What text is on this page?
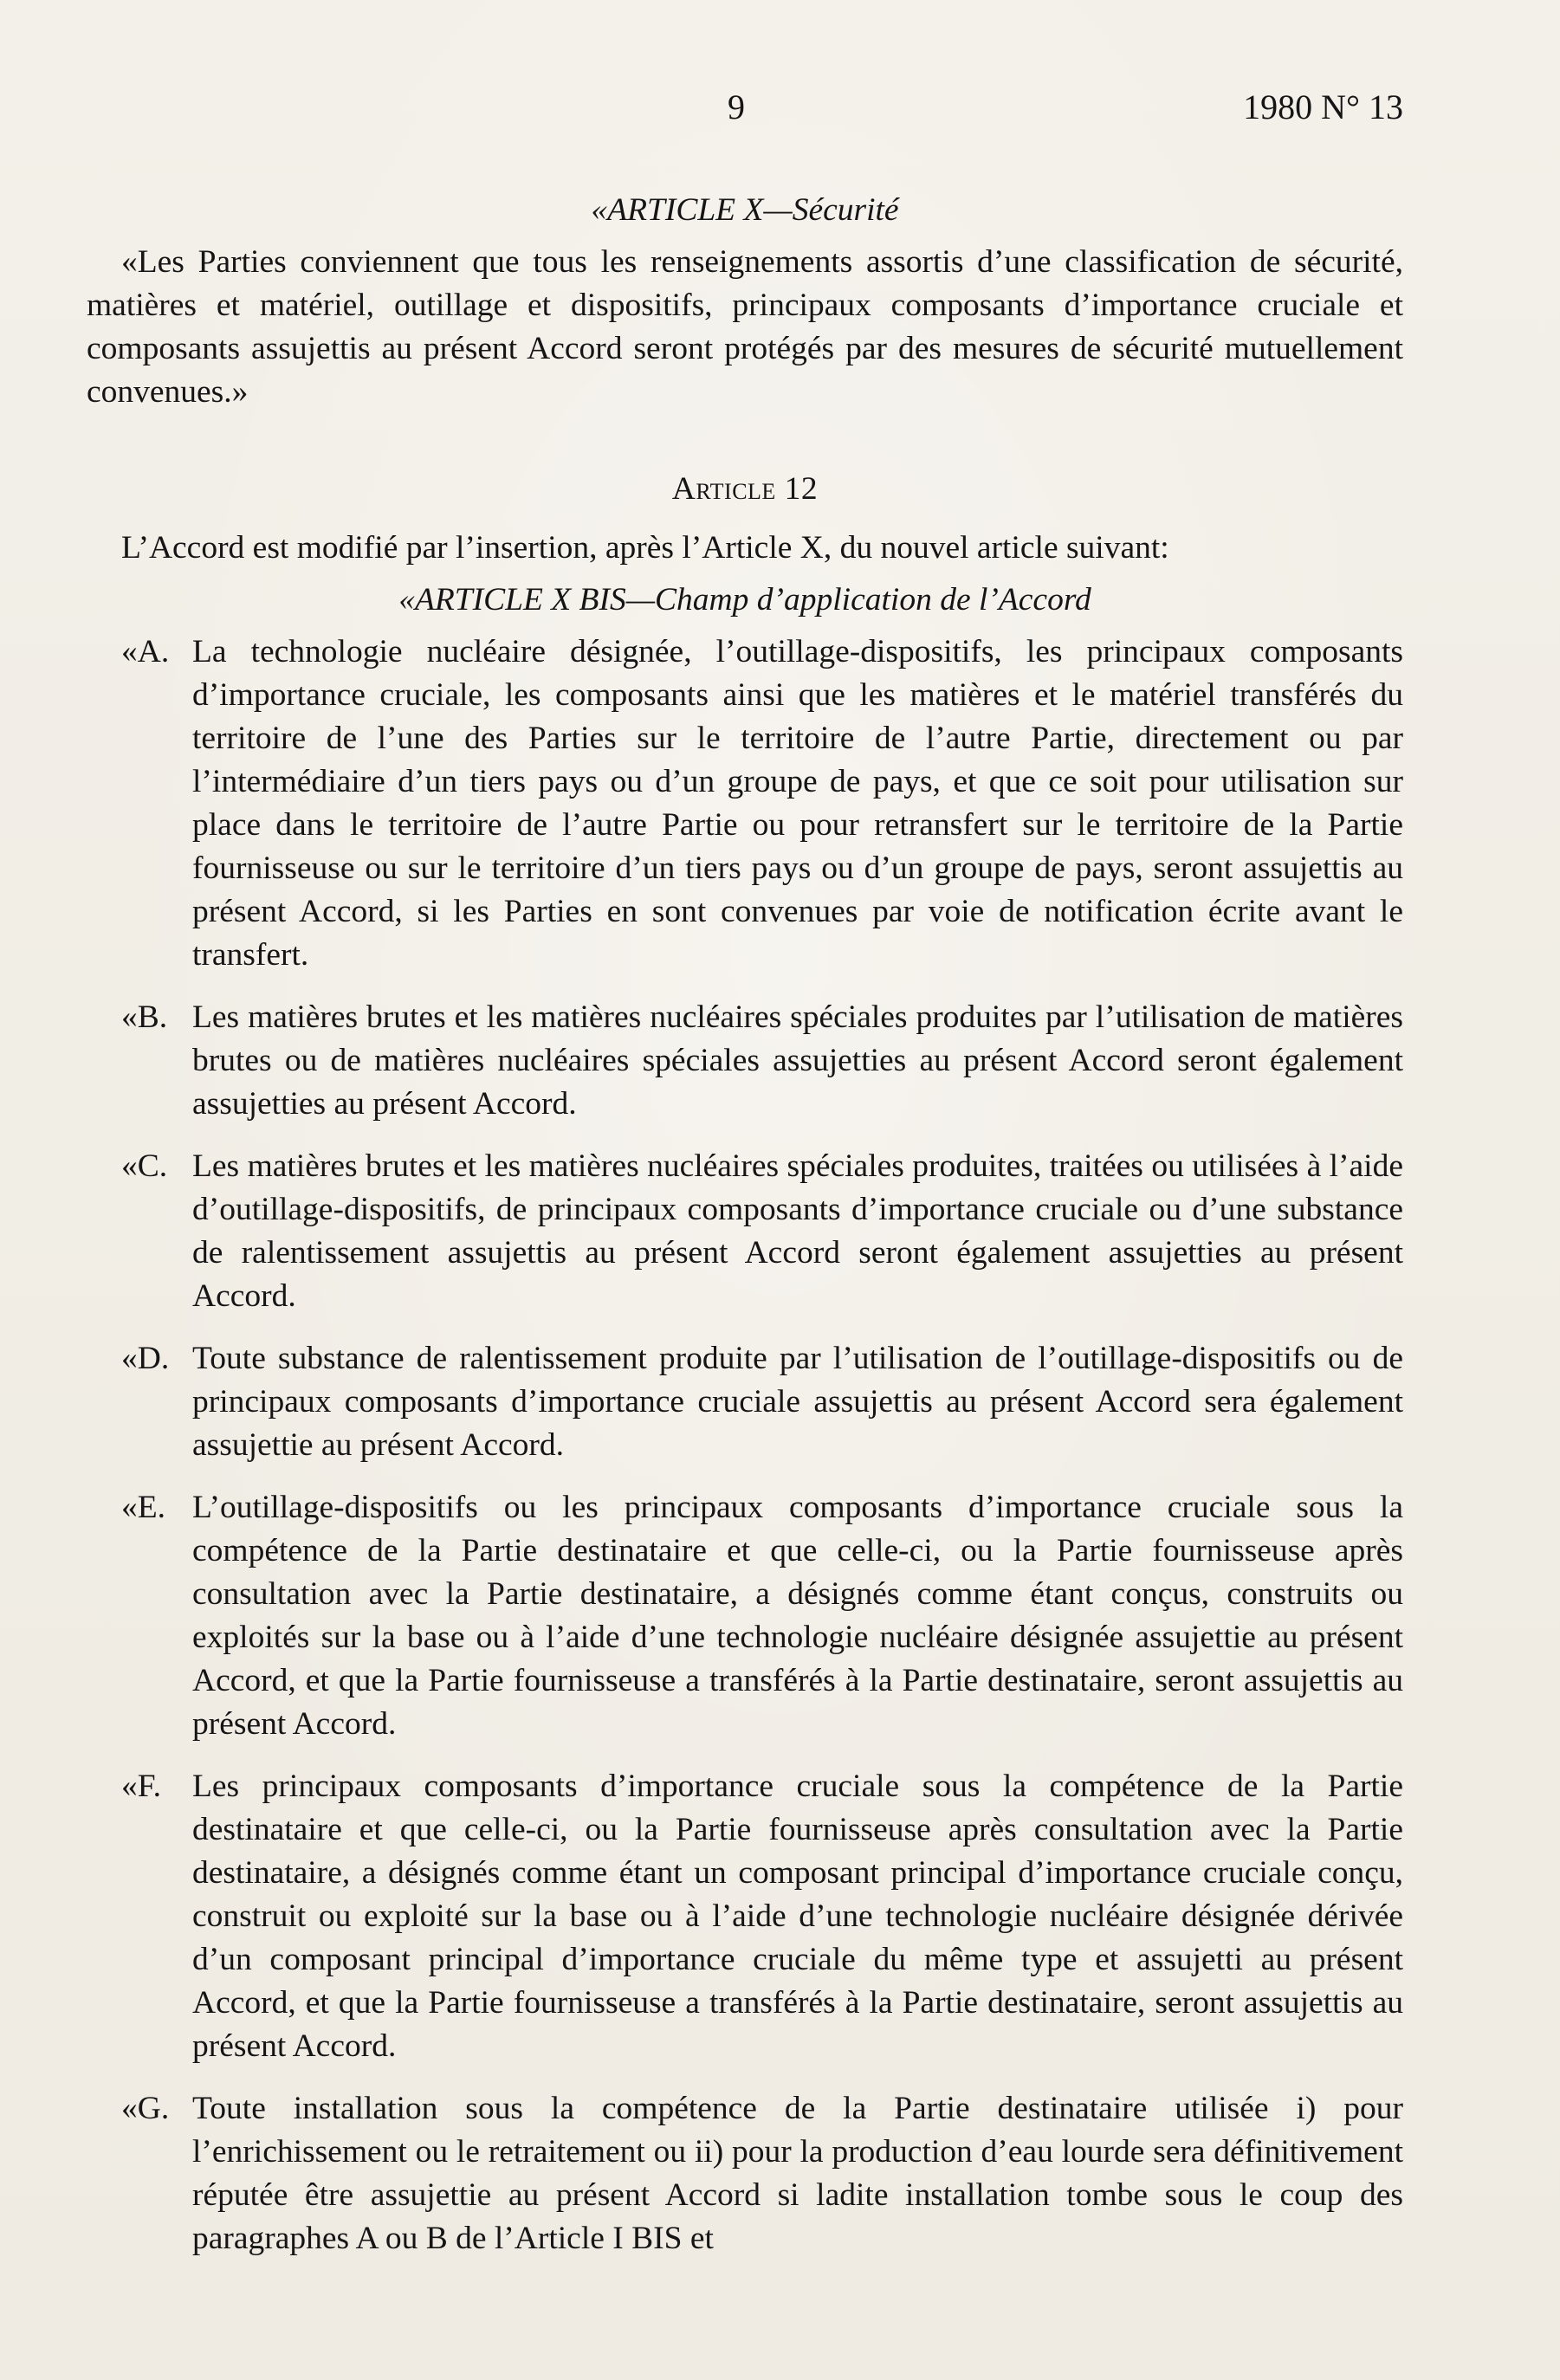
9	1980 N° 13

«ARTICLE X—Sécurité

«Les Parties conviennent que tous les renseignements assortis d’une classification de sécurité, matières et matériel, outillage et dispositifs, principaux composants d’importance cruciale et composants assujettis au présent Accord seront protégés par des mesures de sécurité mutuellement convenues.»

Article 12

L’Accord est modifié par l’insertion, après l’Article X, du nouvel article suivant:

«ARTICLE X BIS—Champ d’application de l’Accord

«A. La technologie nucléaire désignée, l’outillage-dispositifs, les principaux composants d’importance cruciale, les composants ainsi que les matières et le matériel transférés du territoire de l’une des Parties sur le territoire de l’autre Partie, directement ou par l’intermédiaire d’un tiers pays ou d’un groupe de pays, et que ce soit pour utilisation sur place dans le territoire de l’autre Partie ou pour retransfert sur le territoire de la Partie fournisseuse ou sur le territoire d’un tiers pays ou d’un groupe de pays, seront assujettis au présent Accord, si les Parties en sont convenues par voie de notification écrite avant le transfert.
«B. Les matières brutes et les matières nucléaires spéciales produites par l’utilisation de matières brutes ou de matières nucléaires spéciales assujetties au présent Accord seront également assujetties au présent Accord.
«C. Les matières brutes et les matières nucléaires spéciales produites, traitées ou utilisées à l’aide d’outillage-dispositifs, de principaux composants d’importance cruciale ou d’une substance de ralentissement assujettis au présent Accord seront également assujetties au présent Accord.
«D. Toute substance de ralentissement produite par l’utilisation de l’outillage-dispositifs ou de principaux composants d’importance cruciale assujettis au présent Accord sera également assujettie au présent Accord.
«E. L’outillage-dispositifs ou les principaux composants d’importance cruciale sous la compétence de la Partie destinataire et que celle-ci, ou la Partie fournisseuse après consultation avec la Partie destinataire, a désignés comme étant conçus, construits ou exploités sur la base ou à l’aide d’une technologie nucléaire désignée assujettie au présent Accord, et que la Partie fournisseuse a transférés à la Partie destinataire, seront assujettis au présent Accord.
«F. Les principaux composants d’importance cruciale sous la compétence de la Partie destinataire et que celle-ci, ou la Partie fournisseuse après consultation avec la Partie destinataire, a désignés comme étant un composant principal d’importance cruciale conçu, construit ou exploité sur la base ou à l’aide d’une technologie nucléaire désignée dérivée d’un composant principal d’importance cruciale du même type et assujetti au présent Accord, et que la Partie fournisseuse a transférés à la Partie destinataire, seront assujettis au présent Accord.
«G. Toute installation sous la compétence de la Partie destinataire utilisée i) pour l’enrichissement ou le retraitement ou ii) pour la production d’eau lourde sera définitivement réputée être assujettie au présent Accord si ladite installation tombe sous le coup des paragraphes A ou B de l’Article I BIS et
